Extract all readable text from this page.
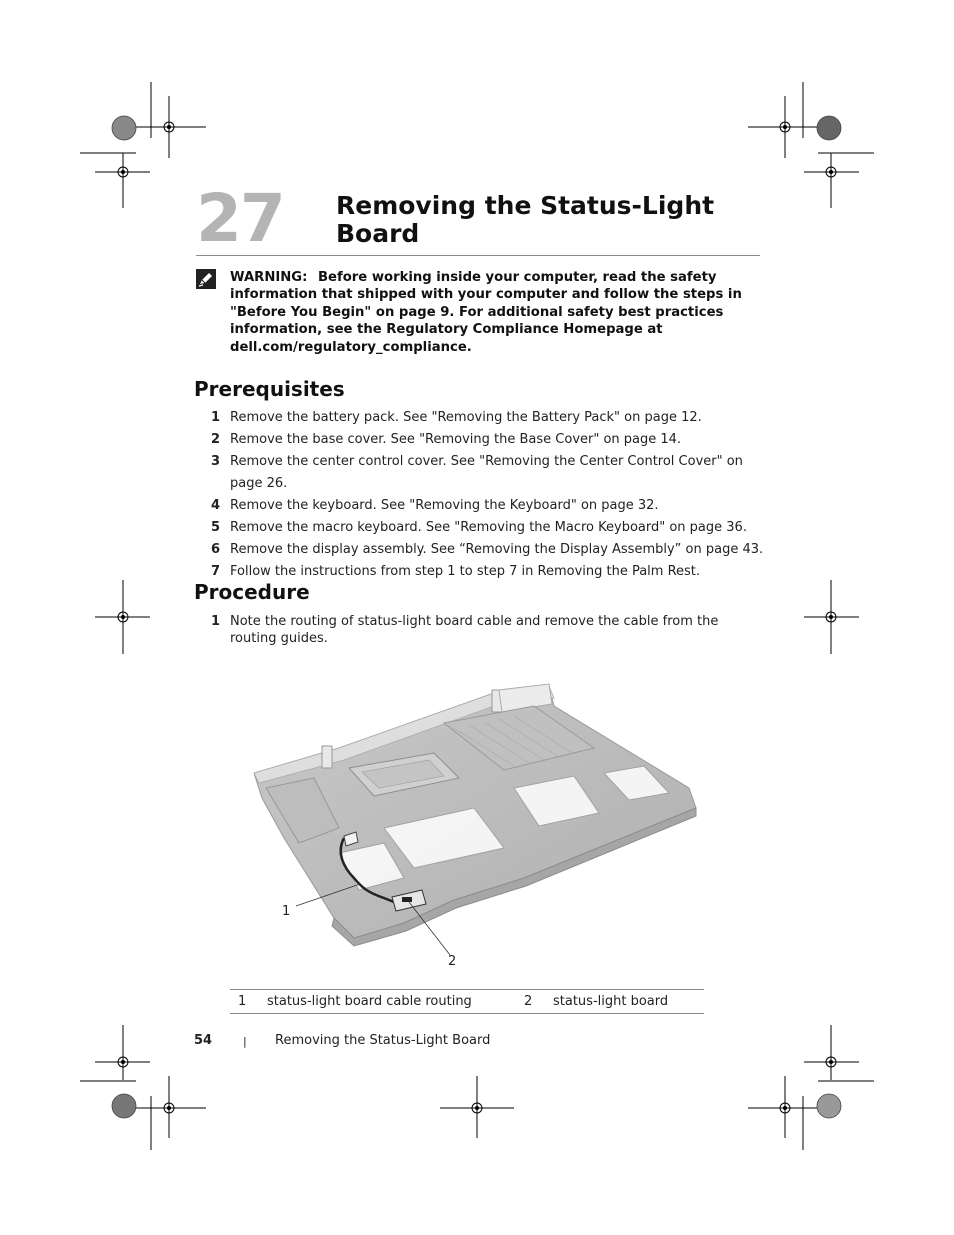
27 Removing the Status-Light Board
WARNING: Before working inside your computer, read the safety information that shipped with your computer and follow the steps in "Before You Begin" on page 9. For additional safety best practices information, see the Regulatory Compliance Homepage at dell.com/regulatory_compliance.
Prerequisites
1 Remove the battery pack. See "Removing the Battery Pack" on page 12.
2 Remove the base cover. See "Removing the Base Cover" on page 14.
3 Remove the center control cover. See "Removing the Center Control Cover" on page 26.
4 Remove the keyboard. See "Removing the Keyboard" on page 32.
5 Remove the macro keyboard. See "Removing the Macro Keyboard" on page 36.
6 Remove the display assembly. See “Removing the Display Assembly” on page 43.
7 Follow the instructions from step 1 to step 7 in Removing the Palm Rest.
Procedure
1 Note the routing of status-light board cable and remove the cable from the routing guides.
1
2
1 status-light board cable routing	2 status-light board
54	| Removing the Status-Light Board
